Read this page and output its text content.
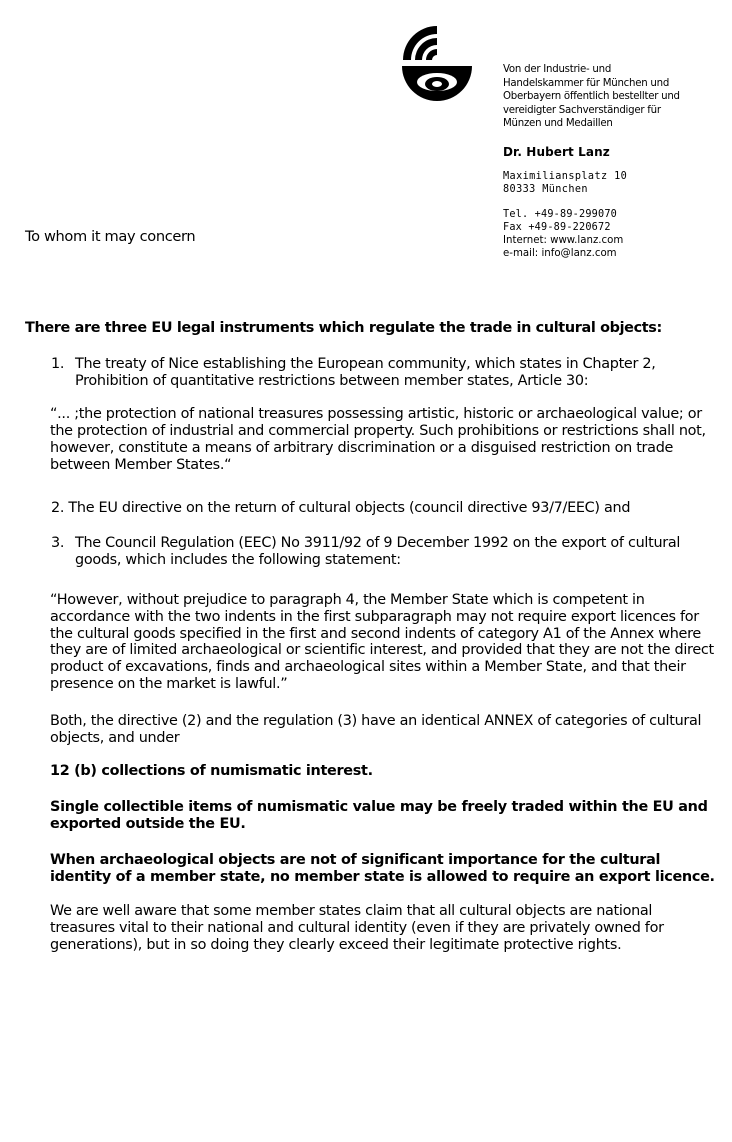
Von der Industrie- und
Handelskammer für München und
Oberbayern öffentlich bestellter und
vereidigter Sachverständiger für
Münzen und Medaillen
Dr. Hubert Lanz
Maximiliansplatz 10
80333 München
Tel. +49-89-299070
Fax +49-89-220672
Internet: www.lanz.com
e-mail: info@lanz.com
To whom it may concern
There are three EU legal instruments which regulate the trade in cultural objects:
1. The treaty of Nice establishing the European community, which states in Chapter 2, Prohibition of quantitative restrictions between member states, Article 30:
“... ;the protection of national treasures possessing artistic, historic or archaeological value; or the protection of industrial and commercial property. Such prohibitions or restrictions shall not, however, constitute a means of arbitrary discrimination or a disguised restriction on trade between Member States.“
2. The EU directive on the return of cultural objects (council directive 93/7/EEC) and
3. The Council Regulation (EEC) No 3911/92 of 9 December 1992 on the export of cultural goods, which includes the following statement:
“However, without prejudice to paragraph 4, the Member State which is competent in accordance with the two indents in the first subparagraph may not require export licences for the cultural goods specified in the first and second indents of category A1 of the Annex where they are of limited archaeological or scientific interest, and provided that they are not the direct product of excavations, finds and archaeological sites within a Member State, and that their presence on the market is lawful.”
Both, the directive (2) and the regulation (3) have an identical ANNEX of categories of cultural objects, and under
12 (b) collections of numismatic interest.
Single collectible items of numismatic value may be freely traded within the EU and exported outside the EU.
When archaeological objects are not of significant importance for the cultural identity of a member state, no member state is allowed to require an export licence.
We are well aware that some member states claim that all cultural objects are national treasures vital to their national and cultural identity (even if they are privately owned for generations), but in so doing they clearly exceed their legitimate protective rights.
